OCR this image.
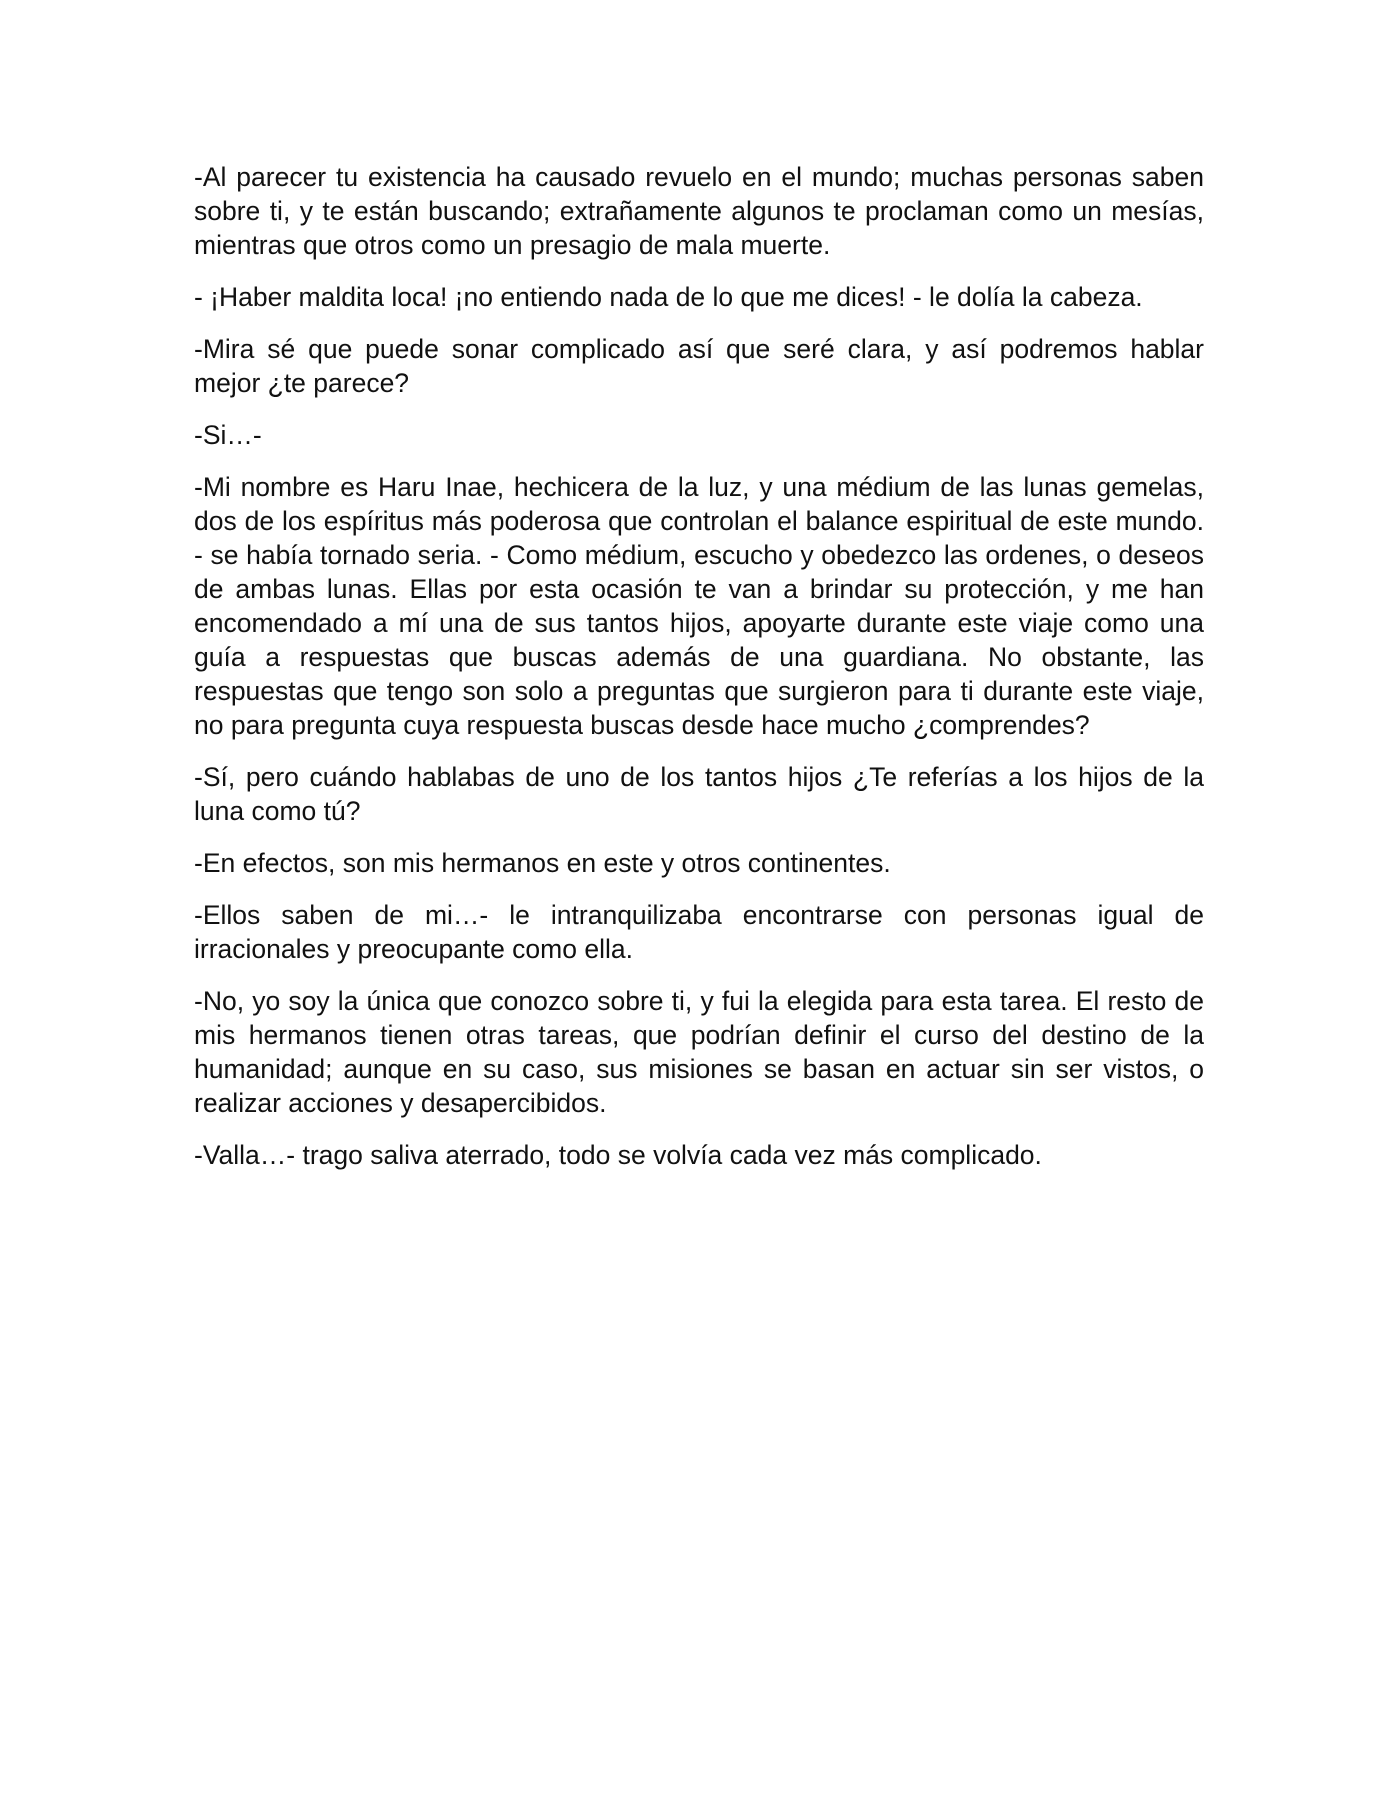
-Al parecer tu existencia ha causado revuelo en el mundo; muchas personas saben sobre ti, y te están buscando; extrañamente algunos te proclaman como un mesías, mientras que otros como un presagio de mala muerte.

- ¡Haber maldita loca! ¡no entiendo nada de lo que me dices! - le dolía la cabeza.

-Mira sé que puede sonar complicado así que seré clara, y así podremos hablar mejor ¿te parece?

-Si…-

-Mi nombre es Haru Inae, hechicera de la luz, y una médium de las lunas gemelas, dos de los espíritus más poderosa que controlan el balance espiritual de este mundo. - se había tornado seria. - Como médium, escucho y obedezco las ordenes, o deseos de ambas lunas. Ellas por esta ocasión te van a brindar su protección, y me han encomendado a mí una de sus tantos hijos, apoyarte durante este viaje como una guía a respuestas que buscas además de una guardiana. No obstante, las respuestas que tengo son solo a preguntas que surgieron para ti durante este viaje, no para pregunta cuya respuesta buscas desde hace mucho ¿comprendes?

-Sí, pero cuándo hablabas de uno de los tantos hijos ¿Te referías a los hijos de la luna como tú?

-En efectos, son mis hermanos en este y otros continentes.

-Ellos saben de mi…- le intranquilizaba encontrarse con personas igual de irracionales y preocupante como ella.

-No, yo soy la única que conozco sobre ti, y fui la elegida para esta tarea. El resto de mis hermanos tienen otras tareas, que podrían definir el curso del destino de la humanidad; aunque en su caso, sus misiones se basan en actuar sin ser vistos, o realizar acciones y desapercibidos.

-Valla…- trago saliva aterrado, todo se volvía cada vez más complicado.
